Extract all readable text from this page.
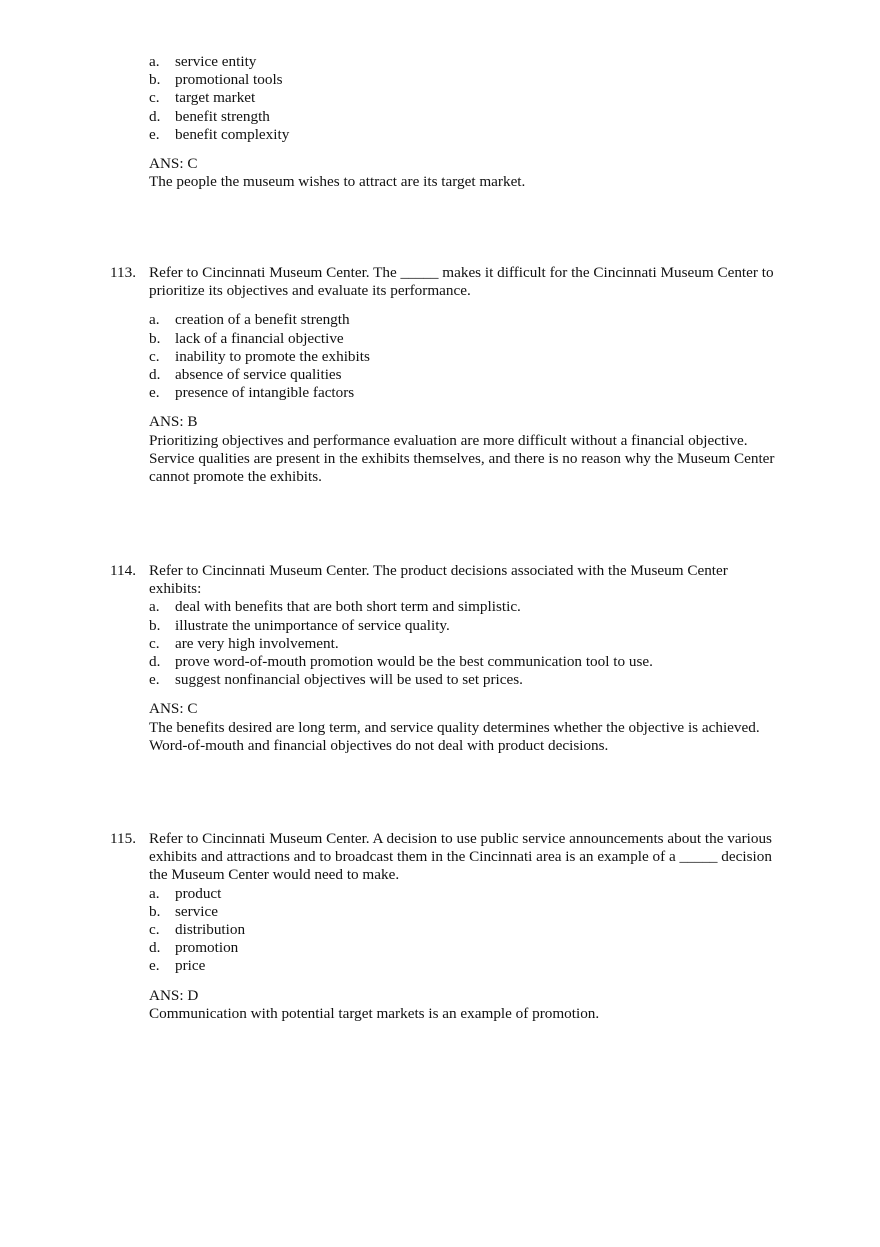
a. service entity
b. promotional tools
c. target market
d. benefit strength
e. benefit complexity
ANS: C
The people the museum wishes to attract are its target market.
113. Refer to Cincinnati Museum Center. The _____ makes it difficult for the Cincinnati Museum Center to
prioritize its objectives and evaluate its performance.
a. creation of a benefit strength
b. lack of a financial objective
c. inability to promote the exhibits
d. absence of service qualities
e. presence of intangible factors
ANS: B
Prioritizing objectives and performance evaluation are more difficult without a financial objective.
Service qualities are present in the exhibits themselves, and there is no reason why the Museum Center
cannot promote the exhibits.
114. Refer to Cincinnati Museum Center. The product decisions associated with the Museum Center
exhibits:
a. deal with benefits that are both short term and simplistic.
b. illustrate the unimportance of service quality.
c. are very high involvement.
d. prove word-of-mouth promotion would be the best communication tool to use.
e. suggest nonfinancial objectives will be used to set prices.
ANS: C
The benefits desired are long term, and service quality determines whether the objective is achieved.
Word-of-mouth and financial objectives do not deal with product decisions.
115. Refer to Cincinnati Museum Center. A decision to use public service announcements about the various
exhibits and attractions and to broadcast them in the Cincinnati area is an example of a _____ decision
the Museum Center would need to make.
a. product
b. service
c. distribution
d. promotion
e. price
ANS: D
Communication with potential target markets is an example of promotion.
